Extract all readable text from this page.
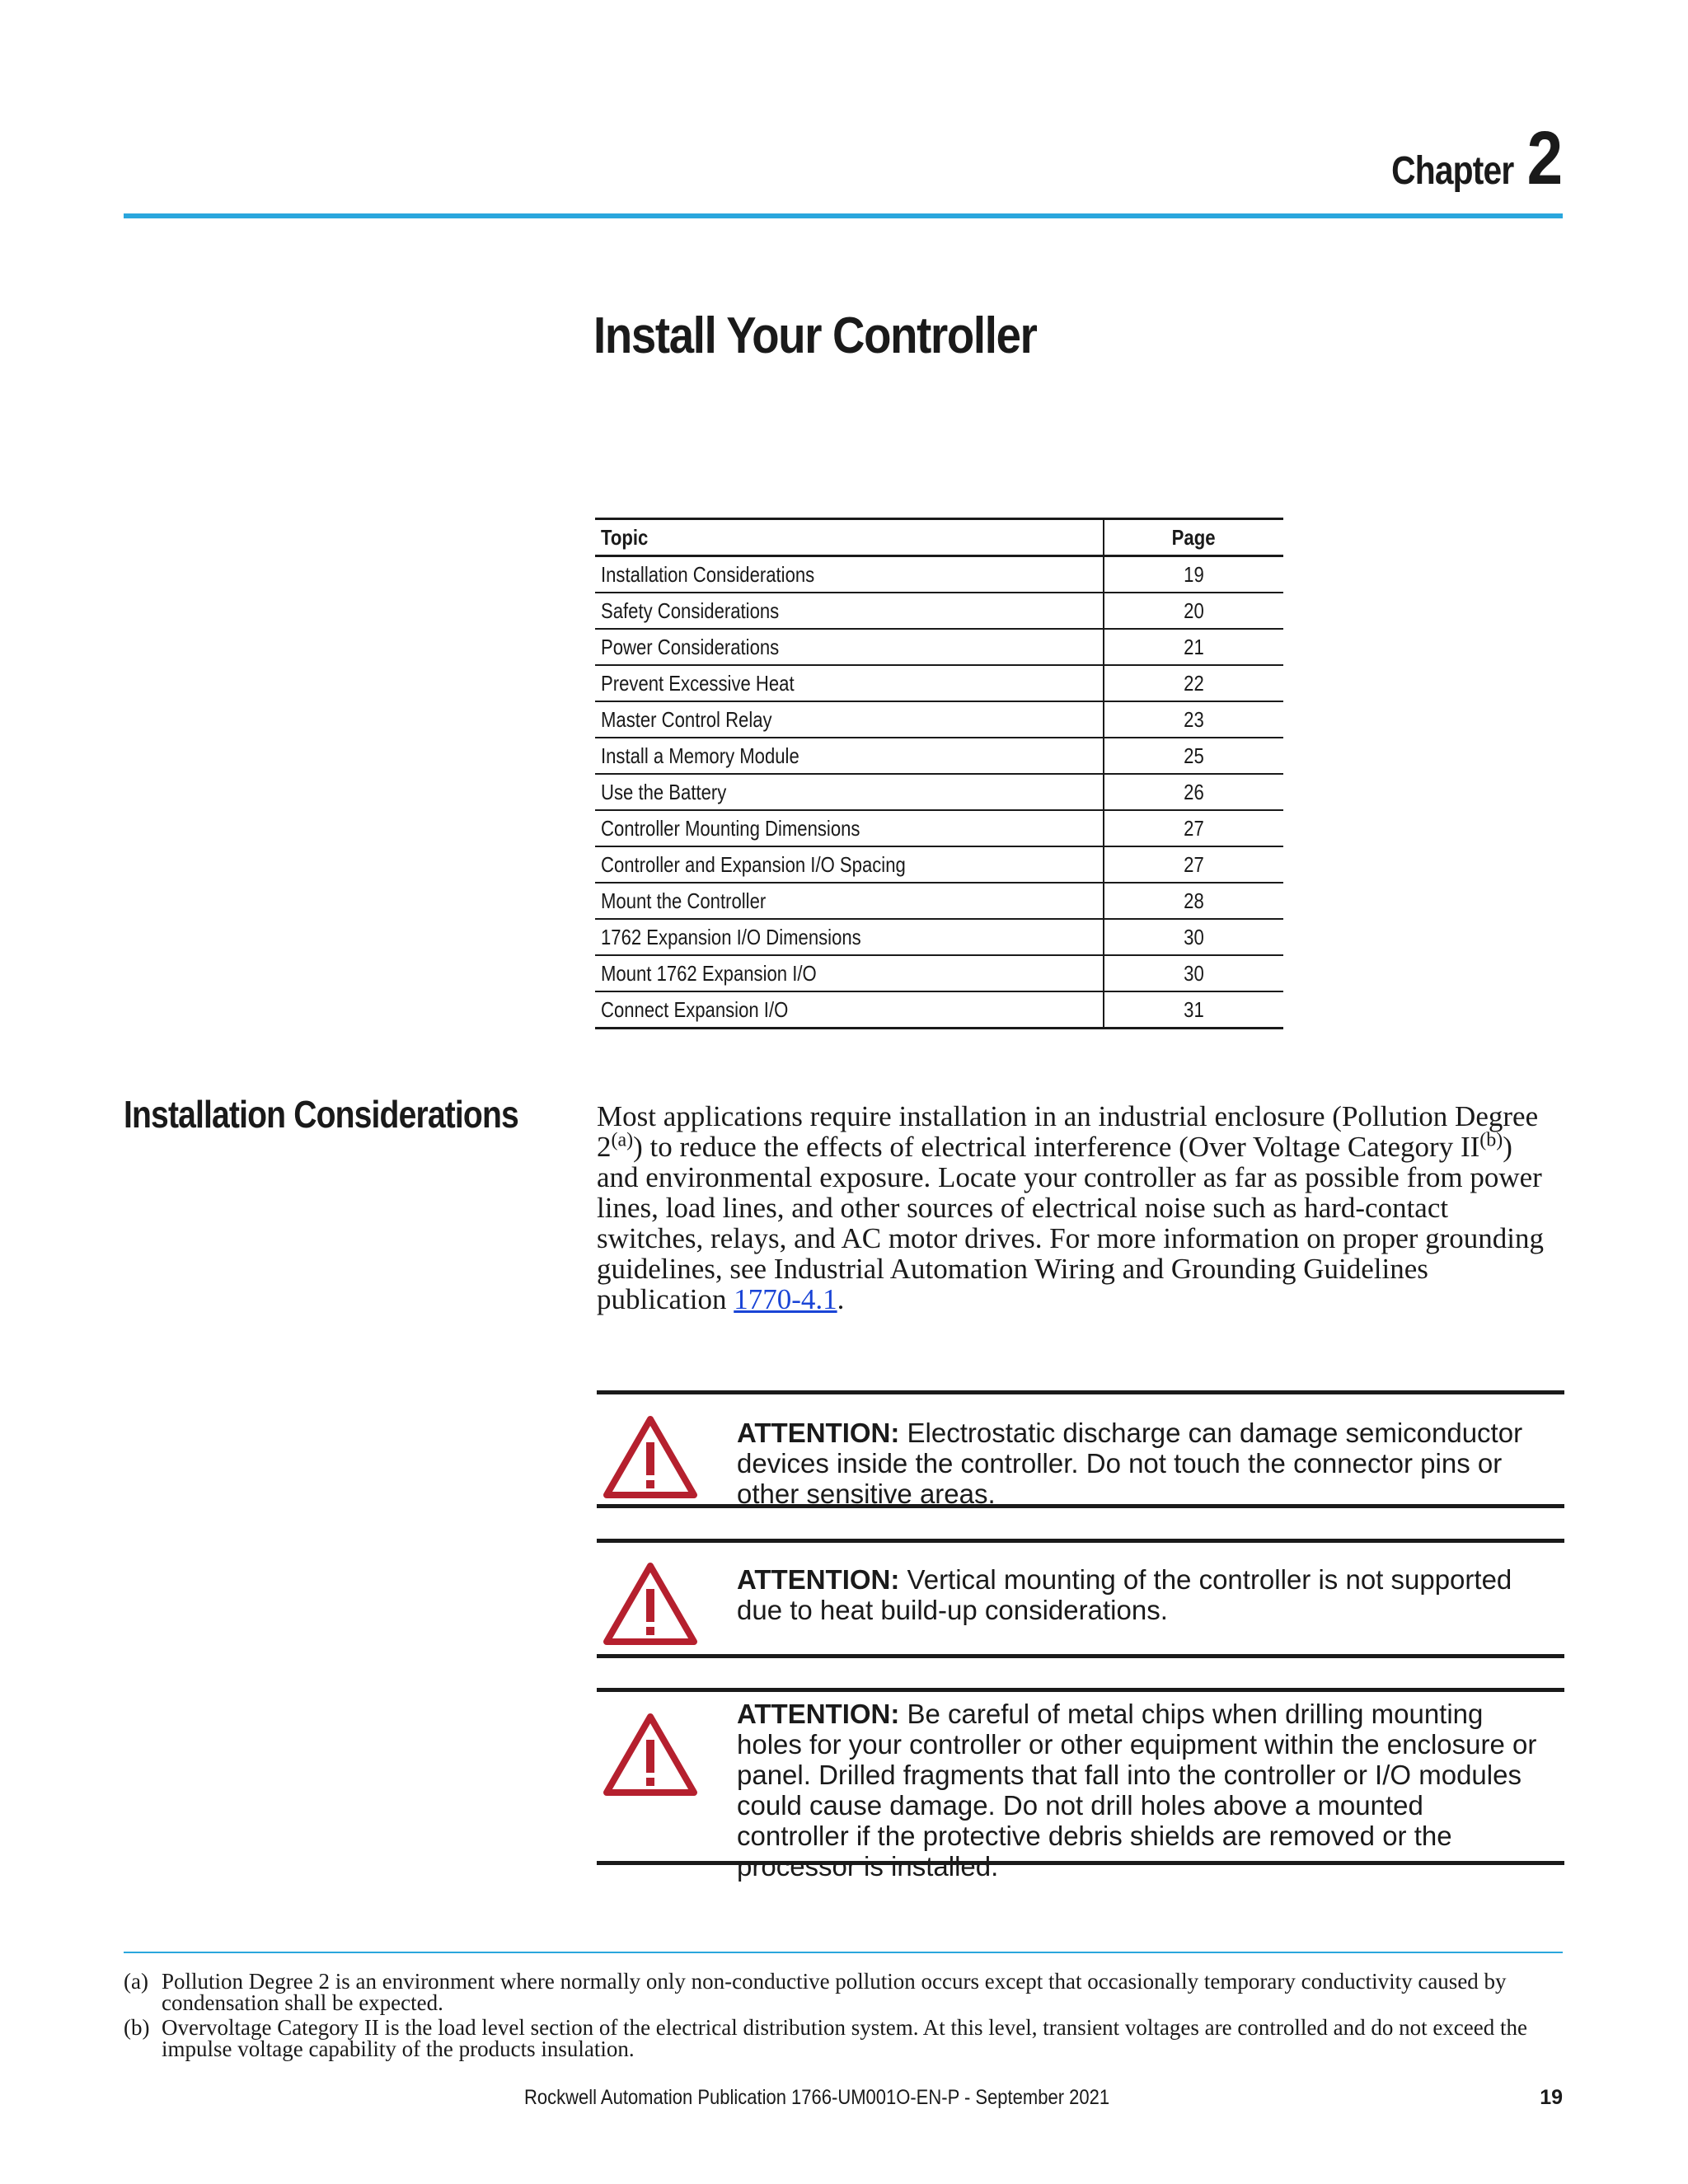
Chapter 2
Install Your Controller
Topic	Page
Installation Considerations	19
Safety Considerations	20
Power Considerations	21
Prevent Excessive Heat	22
Master Control Relay	23
Install a Memory Module	25
Use the Battery	26
Controller Mounting Dimensions	27
Controller and Expansion I/O Spacing	27
Mount the Controller	28
1762 Expansion I/O Dimensions	30
Mount 1762 Expansion I/O	30
Connect Expansion I/O	31
Installation Considerations	Most applications require installation in an industrial enclosure (Pollution Degree 2$^{(a)}$) to reduce the effects of electrical interference (Over Voltage Category II$^{(b)}$) and environmental exposure. Locate your controller as far as possible from power lines, load lines, and other sources of electrical noise such as hard-contact switches, relays, and AC motor drives. For more information on proper grounding guidelines, see Industrial Automation Wiring and Grounding Guidelines publication 1770-4.1.

ATTENTION: Electrostatic discharge can damage semiconductor devices inside the controller. Do not touch the connector pins or other sensitive areas.

ATTENTION: Vertical mounting of the controller is not supported due to heat build-up considerations.

ATTENTION: Be careful of metal chips when drilling mounting holes for your controller or other equipment within the enclosure or panel. Drilled fragments that fall into the controller or I/O modules could cause damage. Do not drill holes above a mounted controller if the protective debris shields are removed or the processor is installed.

(a) Pollution Degree 2 is an environment where normally only non-conductive pollution occurs except that occasionally temporary conductivity caused by condensation shall be expected.
(b) Overvoltage Category II is the load level section of the electrical distribution system. At this level, transient voltages are controlled and do not exceed the impulse voltage capability of the products insulation.
Rockwell Automation Publication 1766-UM001O-EN-P - September 2021	19
